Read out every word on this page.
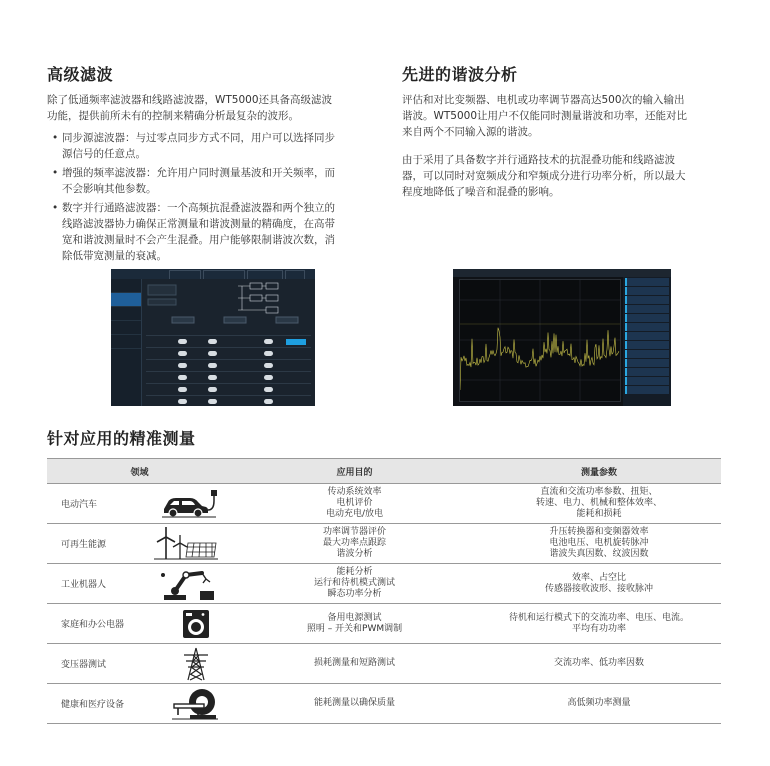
高级滤波

除了低通频率滤波器和线路滤波器，WT5000还具备高级滤波
功能，提供前所未有的控制来精确分析最复杂的波形。

• 同步源滤波器：与过零点同步方式不同，用户可以选择同步
源信号的任意点。
• 增强的频率滤波器：允许用户同时测量基波和开关频率，而
不会影响其他参数。
• 数字并行通路滤波器：一个高频抗混叠滤波器和两个独立的
线路滤波器协力确保正常测量和谐波测量的精确度，在高带
宽和谐波测量时不会产生混叠。用户能够限制谐波次数，消
除低带宽测量的衰减。
先进的谐波分析

评估和对比变频器、电机或功率调节器高达500次的输入输出
谐波。WT5000让用户不仅能同时测量谐波和功率，还能对比
来自两个不同输入源的谐波。

由于采用了具备数字并行通路技术的抗混叠功能和线路滤波
器，可以同时对宽频成分和窄频成分进行功率分析，所以最大
程度地降低了噪音和混叠的影响。

针对应用的精准测量
领域	应用目的	测量参数

电动汽车	传动系统效率
电机评价
电动充电/放电	直流和交流功率参数、扭矩、
转速、电力、机械和整体效率、
能耗和损耗

可再生能源	功率调节器评价
最大功率点跟踪
谐波分析	升压转换器和变频器效率
电池电压、电机旋转脉冲
谐波失真因数、纹波因数

工业机器人	能耗分析
运行和待机模式测试
瞬态功率分析	效率、占空比
传感器接收波形、接收脉冲

家庭和办公电器	备用电源测试
照明 – 开关和PWM调制	待机和运行模式下的交流功率、电压、电流。
平均有功功率

变压器测试	损耗测量和短路测试	交流功率、低功率因数

健康和医疗设备	能耗测量以确保质量	高低频功率测量
